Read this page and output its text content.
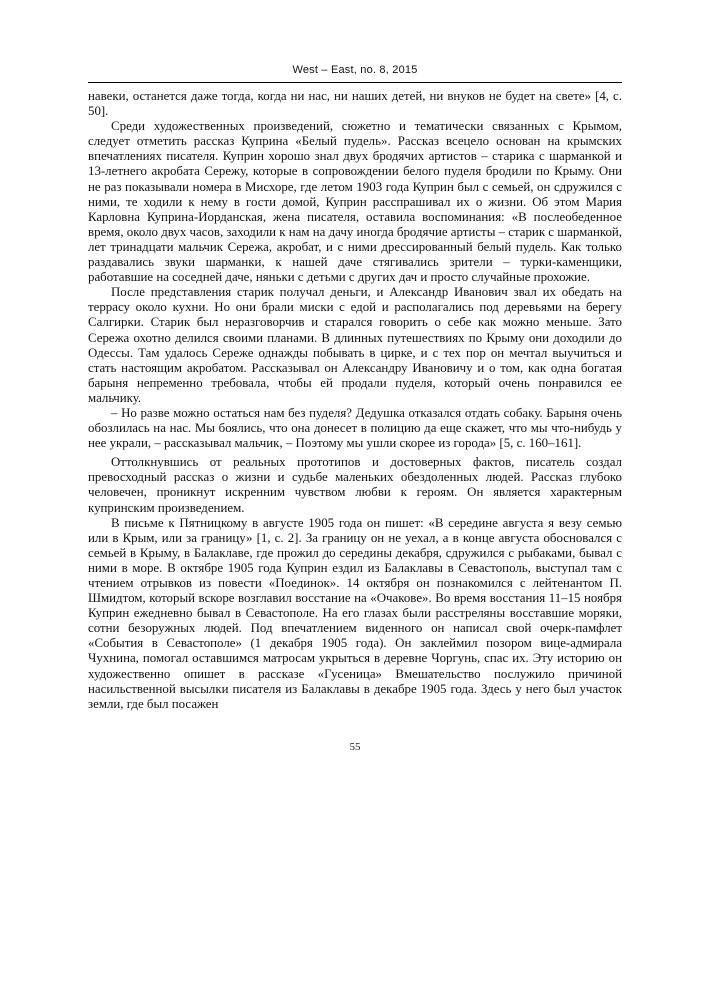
West – East, no. 8, 2015

навеки, останется даже тогда, когда ни нас, ни наших детей, ни внуков не будет на свете» [4, с. 50].

Среди художественных произведений, сюжетно и тематически связанных с Крымом, следует отметить рассказ Куприна «Белый пудель». Рассказ всецело основан на крымских впечатлениях писателя. Куприн хорошо знал двух бродячих артистов – старика с шарманкой и 13-летнего акробата Сережу, которые в сопровождении белого пуделя бродили по Крыму. Они не раз показывали номера в Мисхоре, где летом 1903 года Куприн был с семьей, он сдружился с ними, те ходили к нему в гости домой, Куприн расспрашивал их о жизни. Об этом Мария Карловна Куприна-Иорданская, жена писателя, оставила воспоминания: «В послеобеденное время, около двух часов, заходили к нам на дачу иногда бродячие артисты – старик с шарманкой, лет тринадцати мальчик Сережа, акробат, и с ними дрессированный белый пудель. Как только раздавались звуки шарманки, к нашей даче стягивались зрители – турки-каменщики, работавшие на соседней даче, няньки с детьми с других дач и просто случайные прохожие.

После представления старик получал деньги, и Александр Иванович звал их обедать на террасу около кухни. Но они брали миски с едой и располагались под деревьями на берегу Салгирки. Старик был неразговорчив и старался говорить о себе как можно меньше. Зато Сережа охотно делился своими планами. В длинных путешествиях по Крыму они доходили до Одессы. Там удалось Сереже однажды побывать в цирке, и с тех пор он мечтал выучиться и стать настоящим акробатом. Рассказывал он Александру Ивановичу и о том, как одна богатая барыня непременно требовала, чтобы ей продали пуделя, который очень понравился ее мальчику.

– Но разве можно остаться нам без пуделя? Дедушка отказался отдать собаку. Барыня очень обозлилась на нас. Мы боялись, что она донесет в полицию да еще скажет, что мы что-нибудь у нее украли, – рассказывал мальчик, – Поэтому мы ушли скорее из города» [5, с. 160–161].

Оттолкнувшись от реальных прототипов и достоверных фактов, писатель создал превосходный рассказ о жизни и судьбе маленьких обездоленных людей. Рассказ глубоко человечен, проникнут искренним чувством любви к героям. Он является характерным купринским произведением.

В письме к Пятницкому в августе 1905 года он пишет: «В середине августа я везу семью или в Крым, или за границу» [1, с. 2]. За границу он не уехал, а в конце августа обосновался с семьей в Крыму, в Балаклаве, где прожил до середины декабря, сдружился с рыбаками, бывал с ними в море. В октябре 1905 года Куприн ездил из Балаклавы в Севастополь, выступал там с чтением отрывков из повести «Поединок». 14 октября он познакомился с лейтенантом П. Шмидтом, который вскоре возглавил восстание на «Очакове». Во время восстания 11–15 ноября Куприн ежедневно бывал в Севастополе. На его глазах были расстреляны восставшие моряки, сотни безоружных людей. Под впечатлением виденного он написал свой очерк-памфлет «События в Севастополе» (1 декабря 1905 года). Он заклеймил позором вице-адмирала Чухнина, помогал оставшимся матросам укрыться в деревне Чоргунь, спас их. Эту историю он художественно опишет в рассказе «Гусеница» Вмешательство послужило причиной насильственной высылки писателя из Балаклавы в декабре 1905 года. Здесь у него был участок земли, где был посажен

55
